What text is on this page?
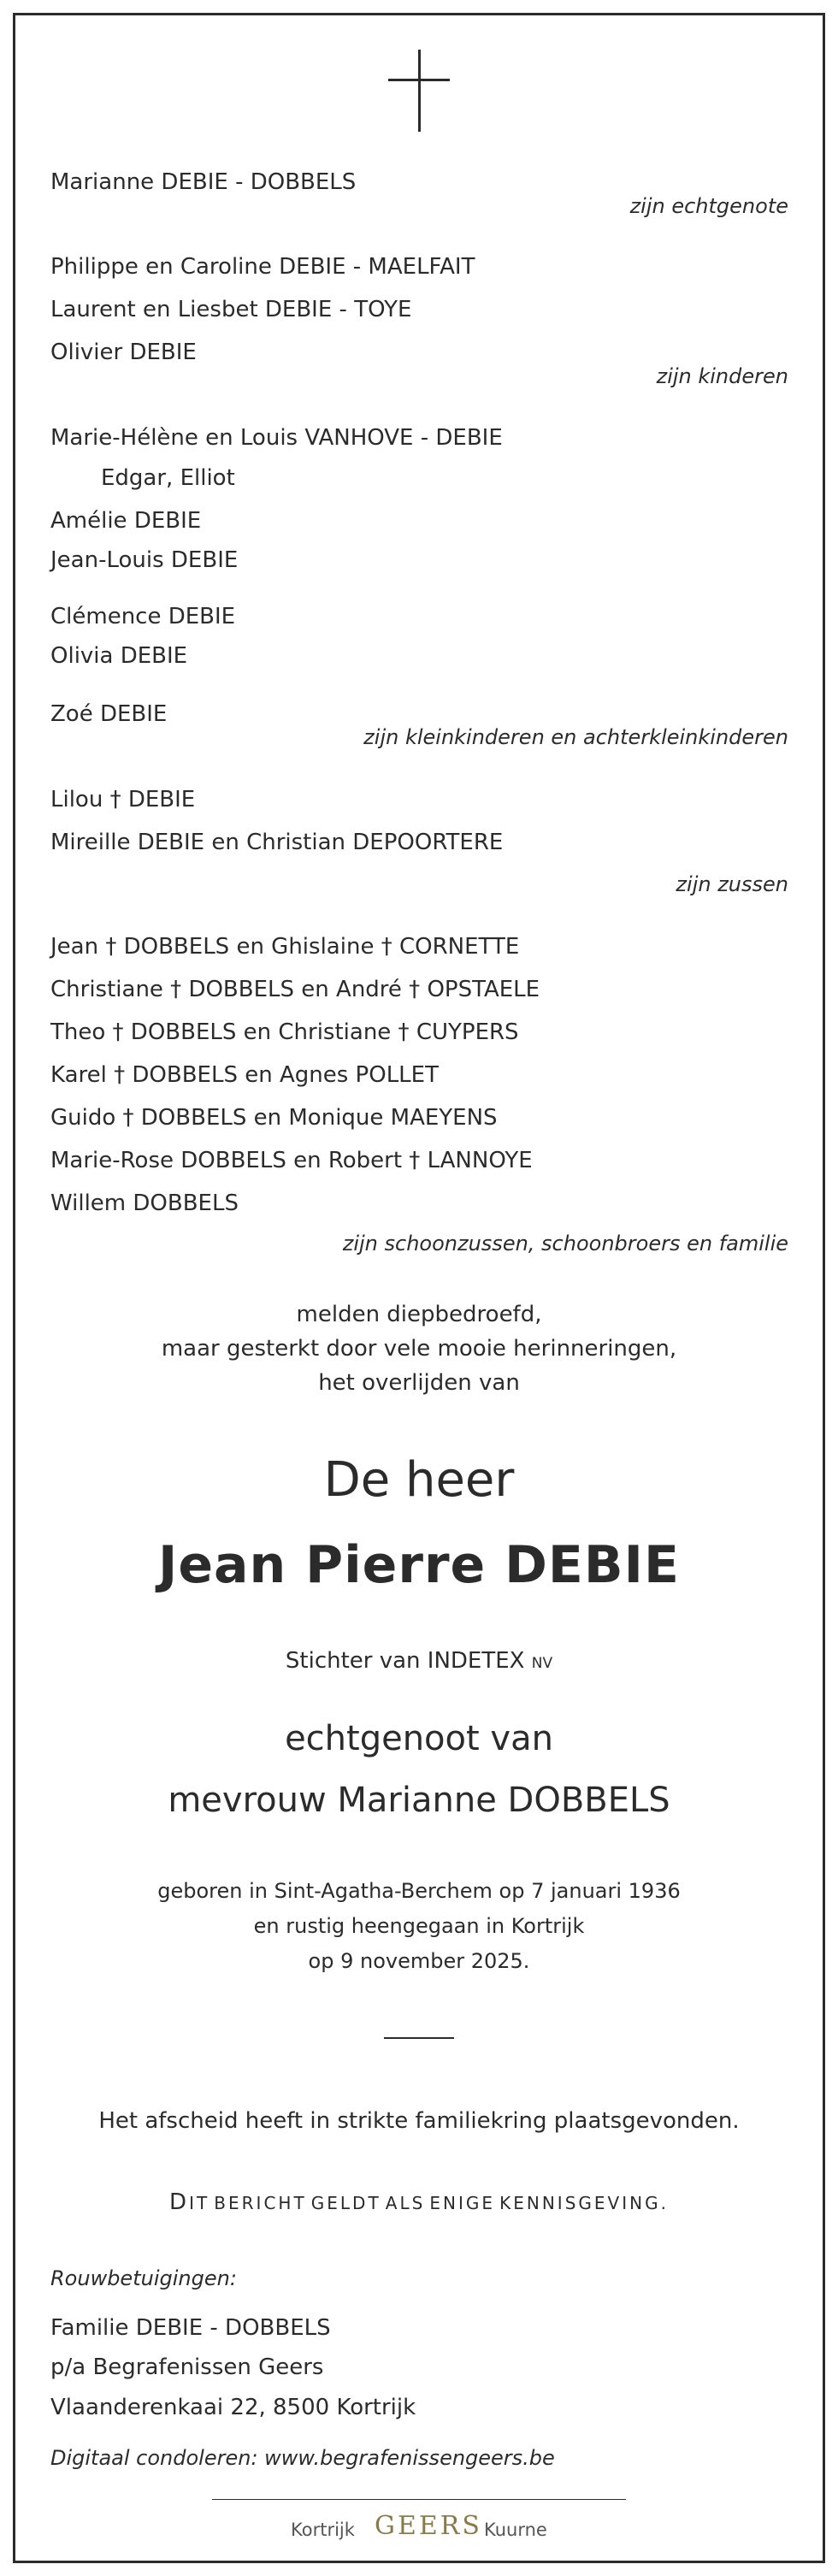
Marianne DEBIE - DOBBELS
zijn echtgenote
Philippe en Caroline DEBIE - MAELFAIT
Laurent en Liesbet DEBIE - TOYE
Olivier DEBIE
zijn kinderen
Marie-Hélène en Louis VANHOVE - DEBIE
Edgar, Elliot
Amélie DEBIE
Jean-Louis DEBIE
Clémence DEBIE
Olivia DEBIE
Zoé DEBIE
zijn kleinkinderen en achterkleinkinderen
Lilou † DEBIE
Mireille DEBIE en Christian DEPOORTERE
zijn zussen
Jean † DOBBELS en Ghislaine † CORNETTE
Christiane † DOBBELS en André † OPSTAELE
Theo † DOBBELS en Christiane † CUYPERS
Karel † DOBBELS en Agnes POLLET
Guido † DOBBELS en Monique MAEYENS
Marie-Rose DOBBELS en Robert † LANNOYE
Willem DOBBELS
zijn schoonzussen, schoonbroers en familie
melden diepbedroefd,
maar gesterkt door vele mooie herinneringen,
het overlijden van
De heer
Jean Pierre DEBIE
Stichter van INDETEX NV
echtgenoot van
mevrouw Marianne DOBBELS
geboren in Sint-Agatha-Berchem op 7 januari 1936
en rustig heengegaan in Kortrijk
op 9 november 2025.
Het afscheid heeft in strikte familiekring plaatsgevonden.
DIT BERICHT GELDT ALS ENIGE KENNISGEVING.
Rouwbetuigingen:
Familie DEBIE - DOBBELS
p/a Begrafenissen Geers
Vlaanderenkaai 22, 8500 Kortrijk
Digitaal condoleren: www.begrafenissengeers.be
Kortrijk GEERS Kuurne
